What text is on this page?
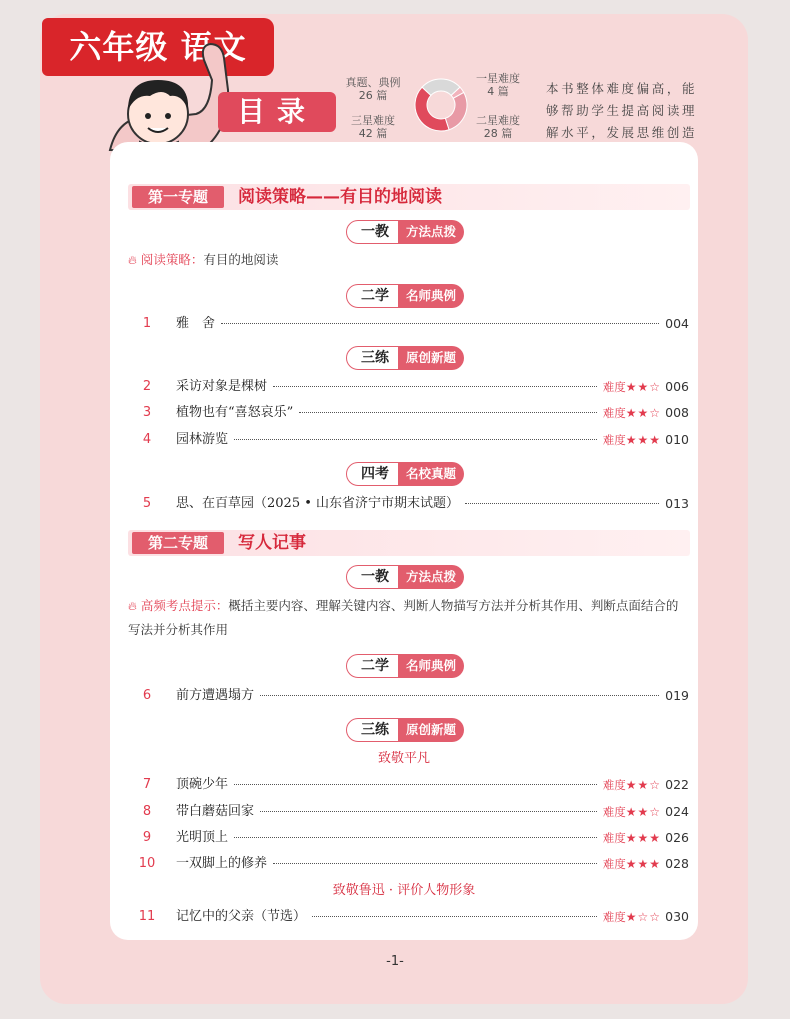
六年级 语文
目录
真题、典例
26 篇
一星难度
4 篇
三星难度
42 篇
二星难度
28 篇
本书整体难度偏高，能够帮助学生提高阅读理解水平，发展思维创造
第一专题	阅读策略——有目的地阅读
一教	方法点拨
🔥︎ 阅读策略：有目的地阅读
二学	名师典例
1	雅　舍	004
三练	原创新题
2	采访对象是棵树	难度★★☆ 006
3	植物也有“喜怒哀乐”	难度★★☆ 008
4	园林游览	难度★★★ 010
四考	名校真题
5	思、在百草园（2025 • 山东省济宁市期末试题）	013
第二专题	写人记事
一教	方法点拨
🔥︎ 高频考点提示：概括主要内容、理解关键内容、判断人物描写方法并分析其作用、判断点面结合的写法并分析其作用
二学	名师典例
6	前方遭遇塌方	019
三练	原创新题
致敬平凡
7	顶碗少年	难度★★☆ 022
8	带白蘑菇回家	难度★★☆ 024
9	光明顶上	难度★★★ 026
10	一双脚上的修养	难度★★★ 028
致敬鲁迅 · 评价人物形象
11	记忆中的父亲（节选）	难度★☆☆ 030
-1-
